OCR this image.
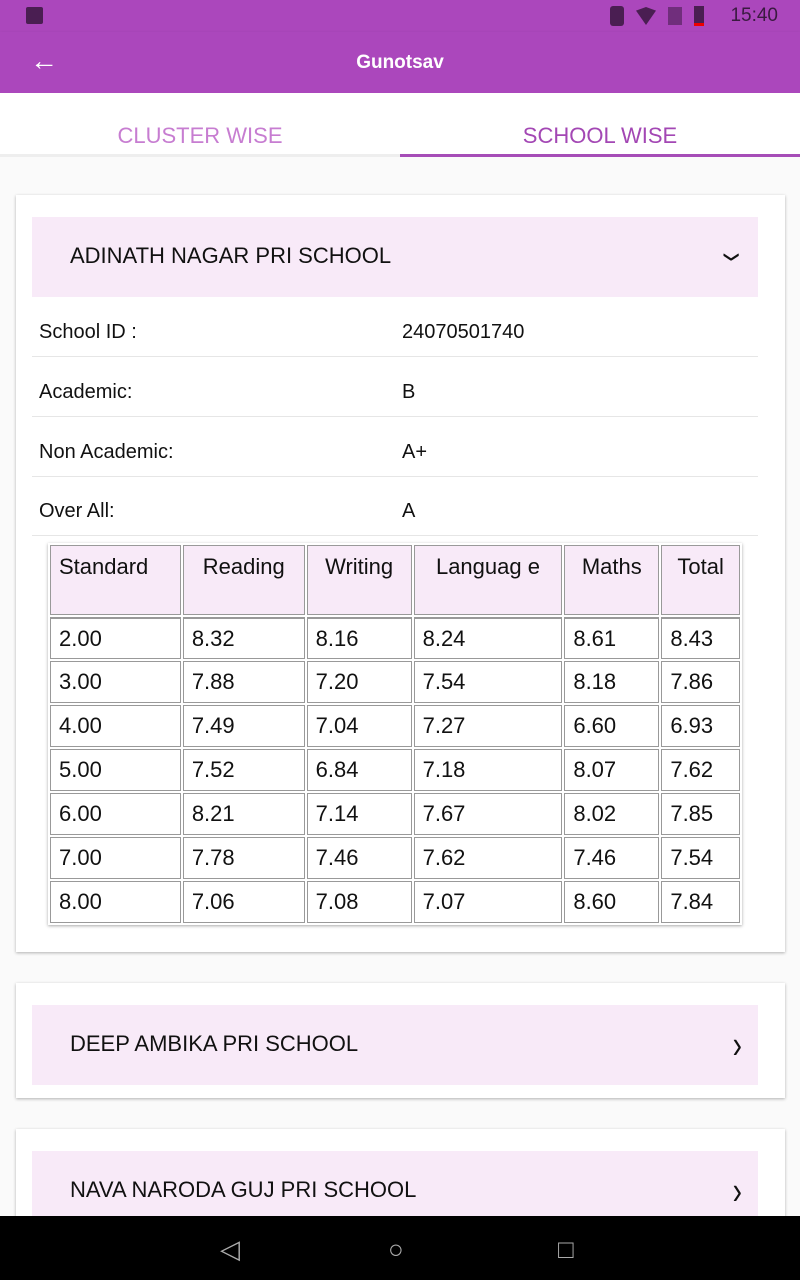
15:40
←	Gunotsav
CLUSTER WISE	SCHOOL WISE
ADINATH NAGAR PRI SCHOOL	›
School ID :	24070501740
Academic:	B
Non Academic:	A+
Over All:	A
Standard	Reading	Writing	Languag e	Maths	Total
2.00	8.32	8.16	8.24	8.61	8.43
3.00	7.88	7.20	7.54	8.18	7.86
4.00	7.49	7.04	7.27	6.60	6.93
5.00	7.52	6.84	7.18	8.07	7.62
6.00	8.21	7.14	7.67	8.02	7.85
7.00	7.78	7.46	7.62	7.46	7.54
8.00	7.06	7.08	7.07	8.60	7.84
DEEP AMBIKA PRI SCHOOL	›
NAVA NARODA GUJ PRI SCHOOL	›
◁	○	□
